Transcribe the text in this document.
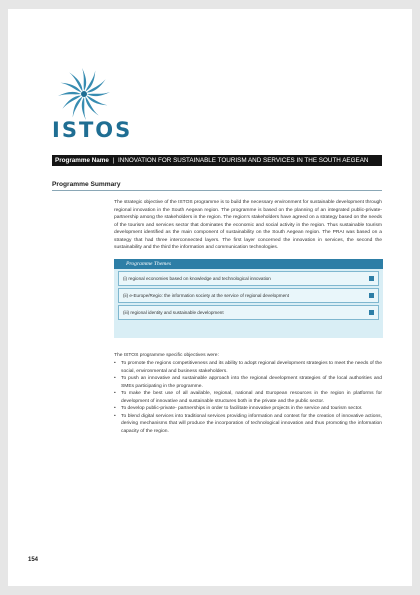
ISTOS
Programme Name | INNOVATION FOR SUSTAINABLE TOURISM AND SERVICES IN THE SOUTH AEGEAN
Programme Summary
The strategic objective of the ISTOS programme is to build the necessary environment for sustainable development through regional innovation in the South Aegean region. The programme is based on the planning of an integrated public-private-partnership among the stakeholders in the region. The region's stakeholders have agreed on a strategy based on the needs of the tourism and services sector that dominates the economic and social activity in the region. Thus sustainable tourism development identified as the main component of sustainability on the South Aegean region. The PRAI was based on a strategy that had three interconnected layers. The first layer concerned the innovation in services, the second the sustainability and the third the information and communication technologies.
Programme Themes
(i) regional economies based on knowledge and technological innovation
(ii) e-Europe/Regio: the information society at the service of regional development
(iii) regional identity and sustainable development

The ISTOS programme specific objectives were:

• To promote the regions competitiveness and its ability to adopt regional development strategies to meet the needs of the social, environmental and business stakeholders.
• To push an innovative and sustainable approach into the regional development strategies of the local authorities and SMEs participating in the programme.
• To make the best use of all available, regional, national and European resources in the region in platforms for development of innovative and sustainable structures both in the private and the public sector.
• To develop public-private- partnerships in order to facilitate innovative projects in the service and tourism sector.
• To blend digital services into traditional services providing information and context for the creation of innovative actions, deriving mechanisms that will produce the incorporation of technological innovation and thus promoting the information capacity of the region.
154
